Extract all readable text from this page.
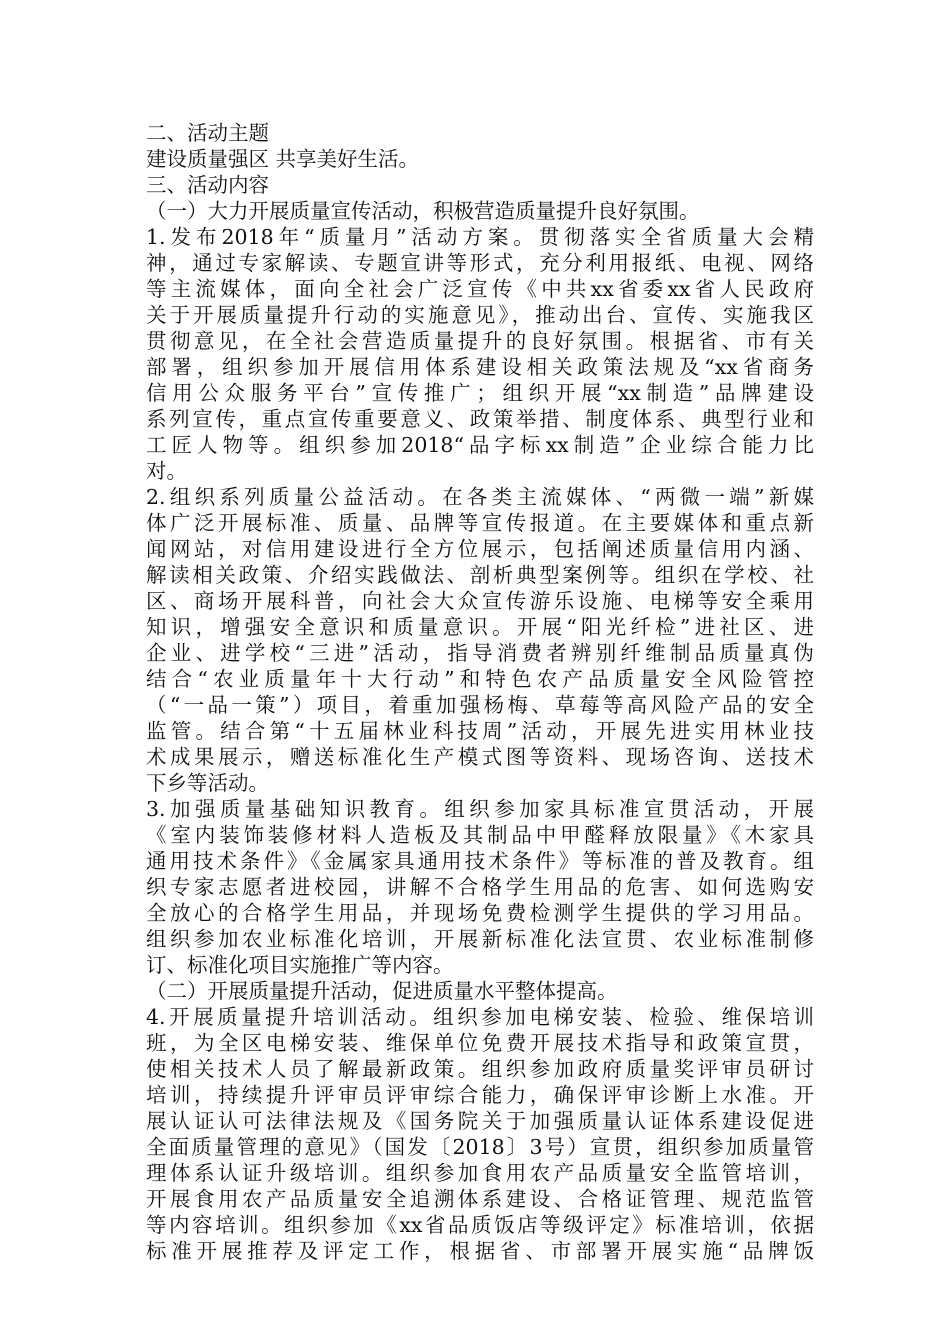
二、活动主题
建设质量强区 共享美好生活。
三、活动内容
（一）大力开展质量宣传活动，积极营造质量提升良好氛围。
1.发布2018年“质量月”活动方案。贯彻落实全省质量大会精
神，通过专家解读、专题宣讲等形式，充分利用报纸、电视、网络
等主流媒体，面向全社会广泛宣传《中共xx省委xx省人民政府
关于开展质量提升行动的实施意见》，推动出台、宣传、实施我区
贯彻意见，在全社会营造质量提升的良好氛围。根据省、市有关
部署，组织参加开展信用体系建设相关政策法规及“xx省商务
信用公众服务平台”宣传推广；组织开展“xx制造”品牌建设
系列宣传，重点宣传重要意义、政策举措、制度体系、典型行业和
工匠人物等。组织参加2018“品字标xx制造”企业综合能力比
对。
2.组织系列质量公益活动。在各类主流媒体、“两微一端”新媒
体广泛开展标准、质量、品牌等宣传报道。在主要媒体和重点新
闻网站，对信用建设进行全方位展示，包括阐述质量信用内涵、
解读相关政策、介绍实践做法、剖析典型案例等。组织在学校、社
区、商场开展科普，向社会大众宣传游乐设施、电梯等安全乘用
知识，增强安全意识和质量意识。开展“阳光纤检”进社区、进
企业、进学校“三进”活动，指导消费者辨别纤维制品质量真伪
结合“农业质量年十大行动”和特色农产品质量安全风险管控
（“一品一策”）项目，着重加强杨梅、草莓等高风险产品的安全
监管。结合第“十五届林业科技周”活动，开展先进实用林业技
术成果展示，赠送标准化生产模式图等资料、现场咨询、送技术
下乡等活动。
3.加强质量基础知识教育。组织参加家具标准宣贯活动，开展
《室内装饰装修材料人造板及其制品中甲醛释放限量》《木家具
通用技术条件》《金属家具通用技术条件》等标准的普及教育。组
织专家志愿者进校园，讲解不合格学生用品的危害、如何选购安
全放心的合格学生用品，并现场免费检测学生提供的学习用品。
组织参加农业标准化培训，开展新标准化法宣贯、农业标准制修
订、标准化项目实施推广等内容。
（二）开展质量提升活动，促进质量水平整体提高。
4.开展质量提升培训活动。组织参加电梯安装、检验、维保培训
班，为全区电梯安装、维保单位免费开展技术指导和政策宣贯，
使相关技术人员了解最新政策。组织参加政府质量奖评审员研讨
培训，持续提升评审员评审综合能力，确保评审诊断上水准。开
展认证认可法律法规及《国务院关于加强质量认证体系建设促进
全面质量管理的意见》（国发〔2018〕3号）宣贯，组织参加质量管
理体系认证升级培训。组织参加食用农产品质量安全监管培训，
开展食用农产品质量安全追溯体系建设、合格证管理、规范监管
等内容培训。组织参加《xx省品质饭店等级评定》标准培训，依据
标准开展推荐及评定工作，根据省、市部署开展实施“品牌饭
